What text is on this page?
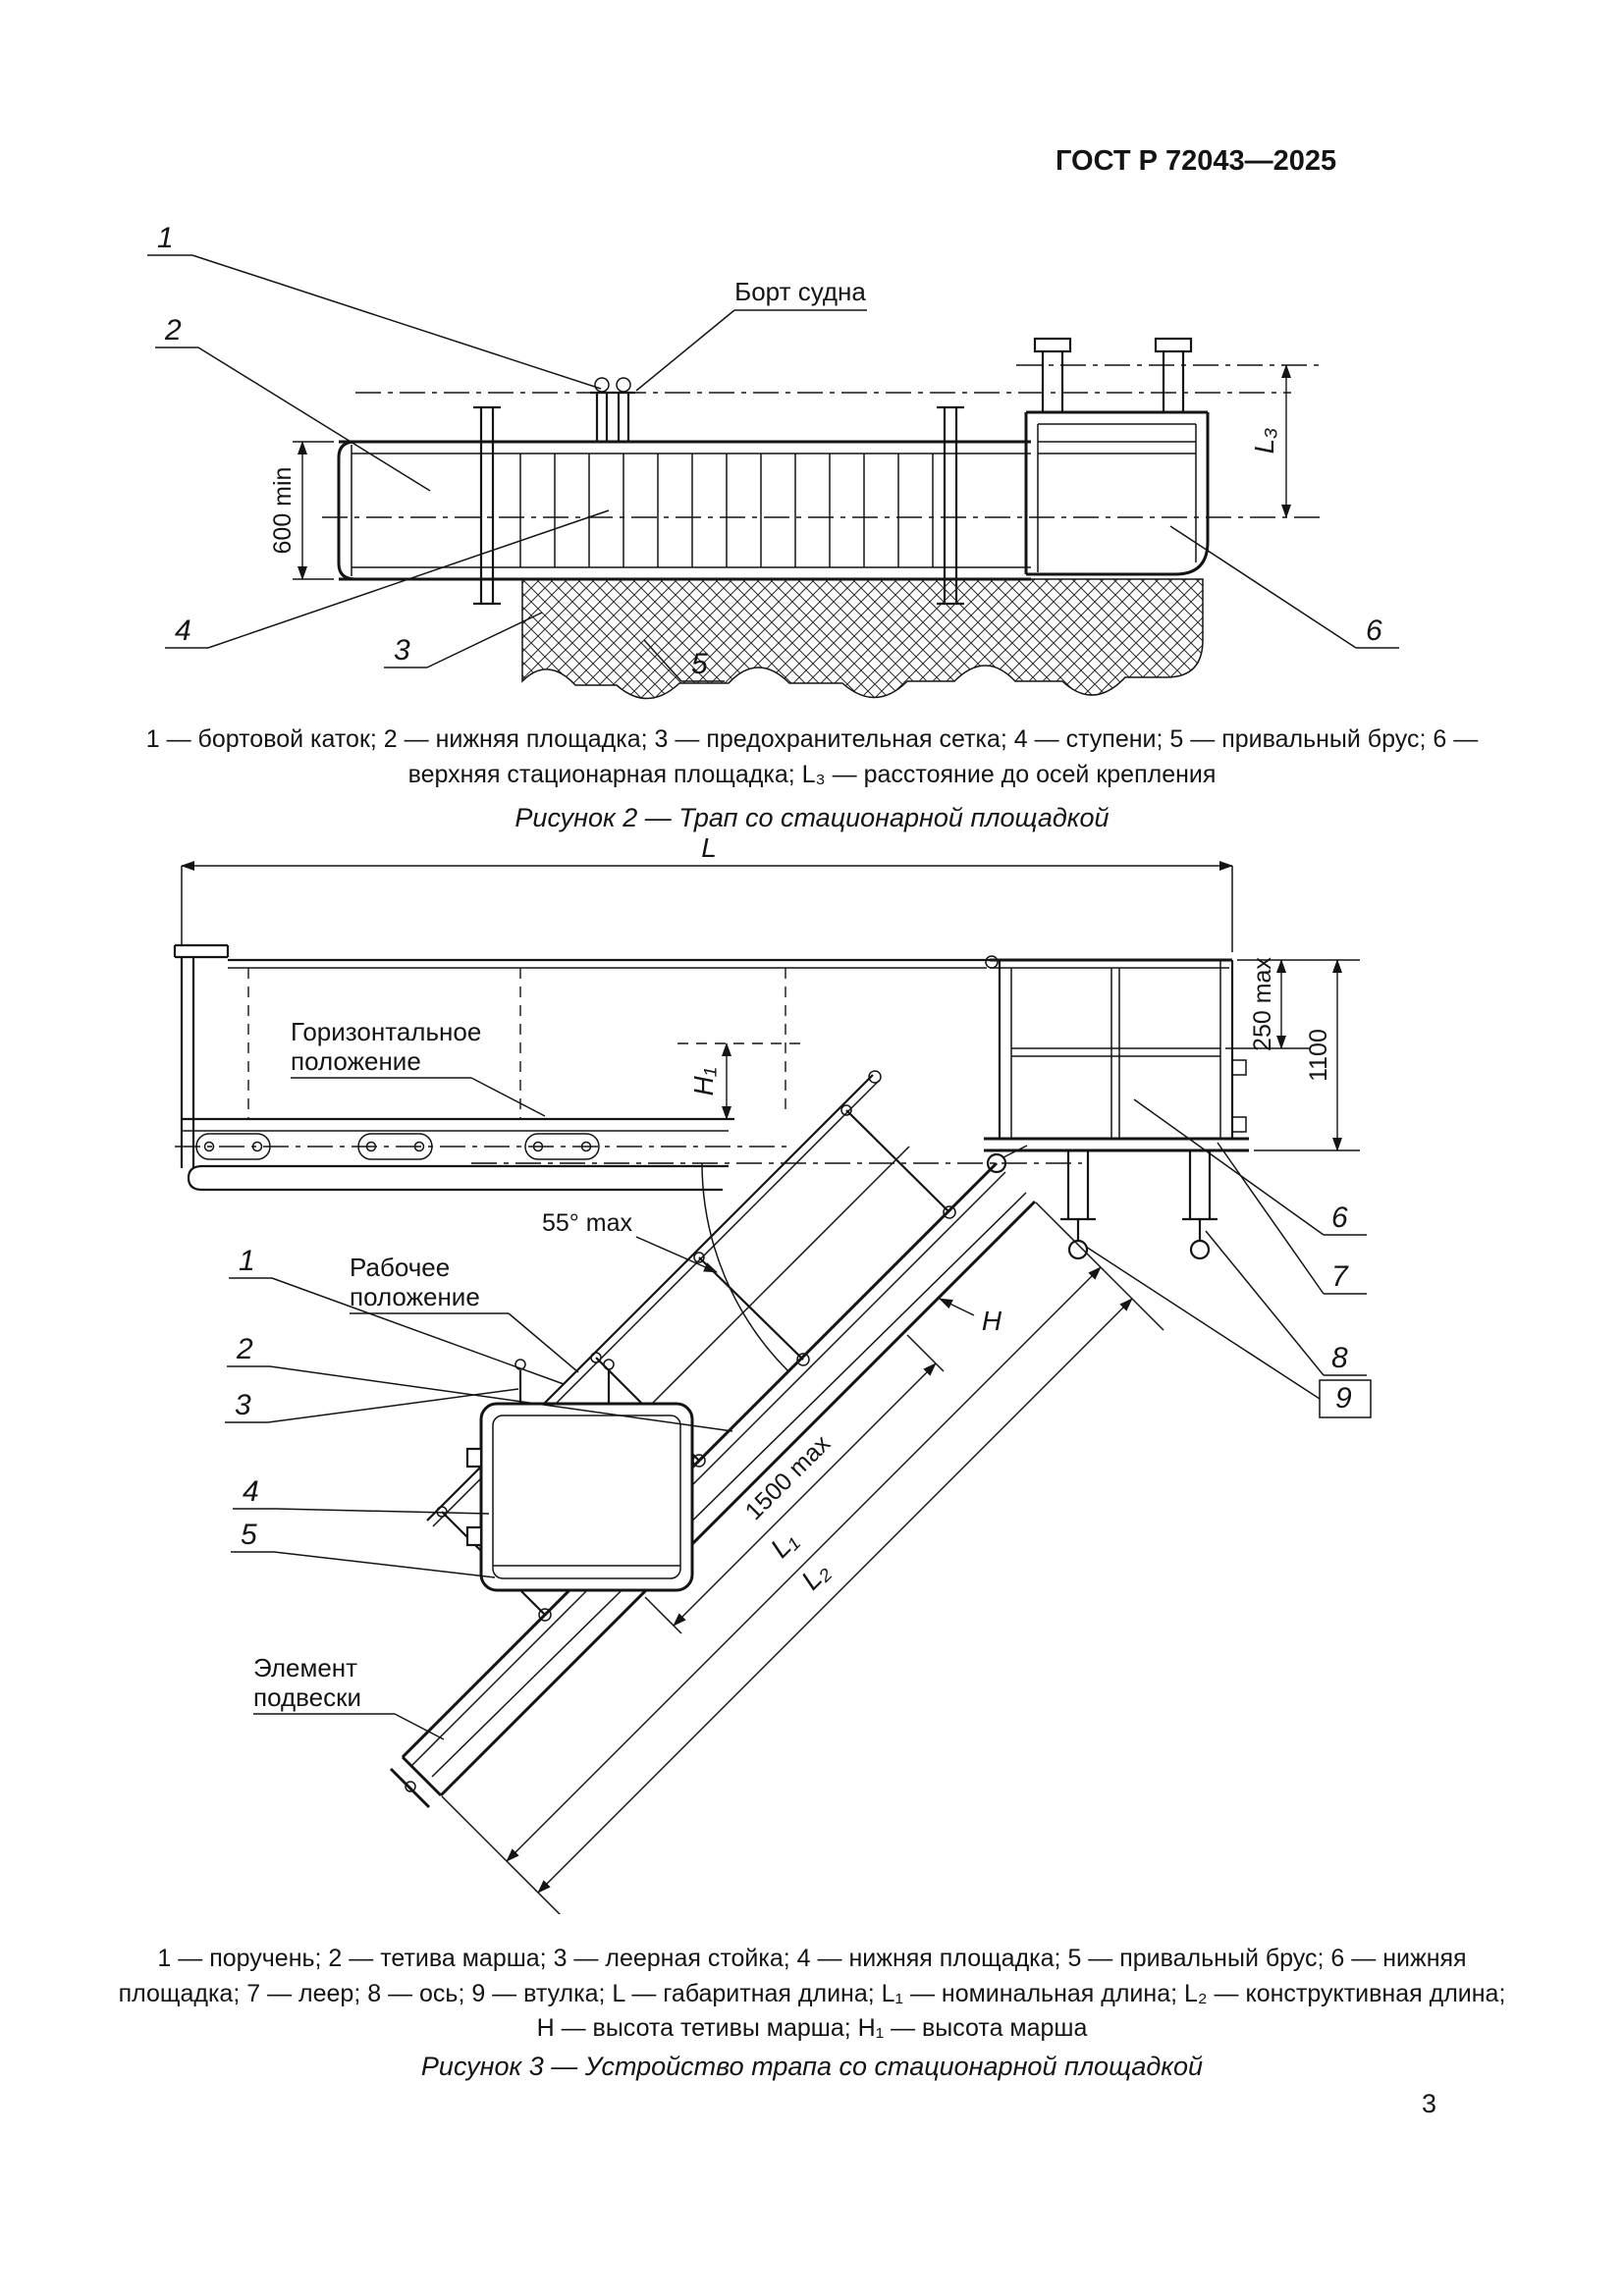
ГОСТ Р 72043—2025
600 min
L₃
Борт судна
1
2
3
4
5
6
1 — бортовой каток; 2 — нижняя площадка; 3 — предохранительная сетка; 4 — ступени; 5 — привальный брус; 6 — верхняя стационарная площадка; L₃ — расстояние до осей крепления
Рисунок 2 — Трап со стационарной площадкой
L
250 max
1100
H₁
1500 max
L₁
L₂
H
Горизонтальное
положение
Рабочее
положение
55° max
Элемент
подвески
1
2
3
4
5
6
7
8
9
1 — поручень; 2 — тетива марша; 3 — леерная стойка; 4 — нижняя площадка; 5 — привальный брус; 6 — нижняя площадка; 7 — леер; 8 — ось; 9 — втулка; L — габаритная длина; L₁ — номинальная длина; L₂ — конструктивная длина; H — высота тетивы марша; H₁ — высота марша
Рисунок 3 — Устройство трапа со стационарной площадкой
3
